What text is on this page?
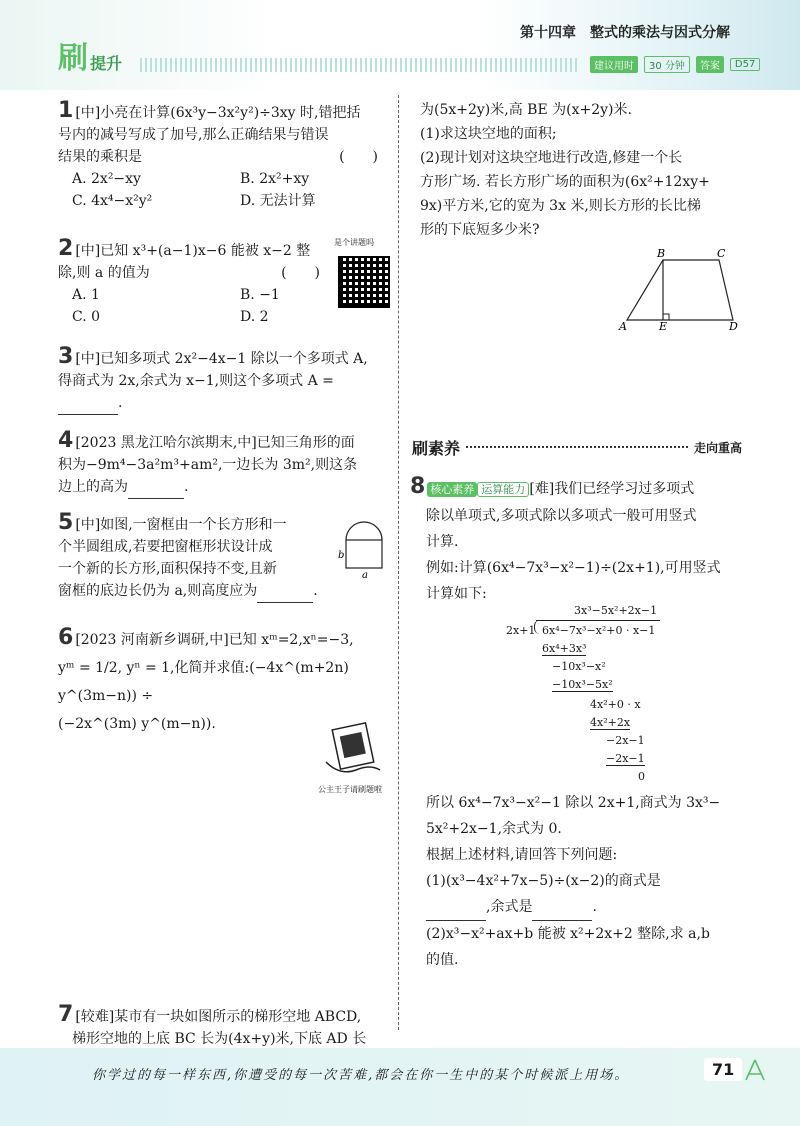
第十四章　整式的乘法与因式分解
刷 提升	建议用时	30 分钟	答案	D57
1 [中]小亮在计算(6x³y−3x²y²)÷3xy 时,错把括
号内的减号写成了加号,那么正确结果与错误
结果的乘积是	(　　)
A. 2x²−xy	B. 2x²+xy
C. 4x⁴−x²y²	D. 无法计算
2 [中]已知 x³+(a−1)x−6 能被 x−2 整
除,则 a 的值为	(　　)
A. 1	B. −1
C. 0	D. 2
是个讲题吗
3 [中]已知多项式 2x²−4x−1 除以一个多项式 A,
得商式为 2x,余式为 x−1,则这个多项式 A =
.
4 [2023 黑龙江哈尔滨期末,中]已知三角形的面
积为−9m⁴−3a²m³+am²,一边长为 3m²,则这条
边上的高为	.
5 [中]如图,一窗框由一个长方形和一
个半圆组成,若要把窗框形状设计成
一个新的长方形,面积保持不变,且新
窗框的底边长仍为 a,则高度应为	.
b
a
6 [2023 河南新乡调研,中]已知 xᵐ=2,xⁿ=−3,
yᵐ = 1/2, yⁿ = 1,化简并求值:(−4x^(m+2n) y^(3m−n)) ÷
(−2x^(3m) y^(m−n)).
公主王子请刷题啦
7 [较难]某市有一块如图所示的梯形空地 ABCD,
梯形空地的上底 BC 长为(4x+y)米,下底 AD 长
为(5x+2y)米,高 BE 为(x+2y)米.
(1)求这块空地的面积;
(2)现计划对这块空地进行改造,修建一个长
方形广场. 若长方形广场的面积为(6x²+12xy+
9x)平方米,它的宽为 3x 米,则长方形的长比梯
形的下底短多少米?
A
B	C
D
E
刷素养	走向重高
8 核心素养 运算能力 [难]我们已经学习过多项式
除以单项式,多项式除以多项式一般可用竖式
计算.
例如:计算(6x⁴−7x³−x²−1)÷(2x+1),可用竖式
计算如下:
3x³−5x²+2x−1
2x+1 6x⁴−7x³−x²+0 · x−1
6x⁴+3x³
−10x³−x²
−10x³−5x²
4x²+0 · x
4x²+2x
−2x−1
−2x−1
0
所以 6x⁴−7x³−x²−1 除以 2x+1,商式为 3x³−
5x²+2x−1,余式为 0.
根据上述材料,请回答下列问题:
(1)(x³−4x²+7x−5)÷(x−2)的商式是
,余式是	.
(2)x³−x²+ax+b 能被 x²+2x+2 整除,求 a,b
的值.
你学过的每一样东西,你遭受的每一次苦难,都会在你一生中的某个时候派上用场。	71
